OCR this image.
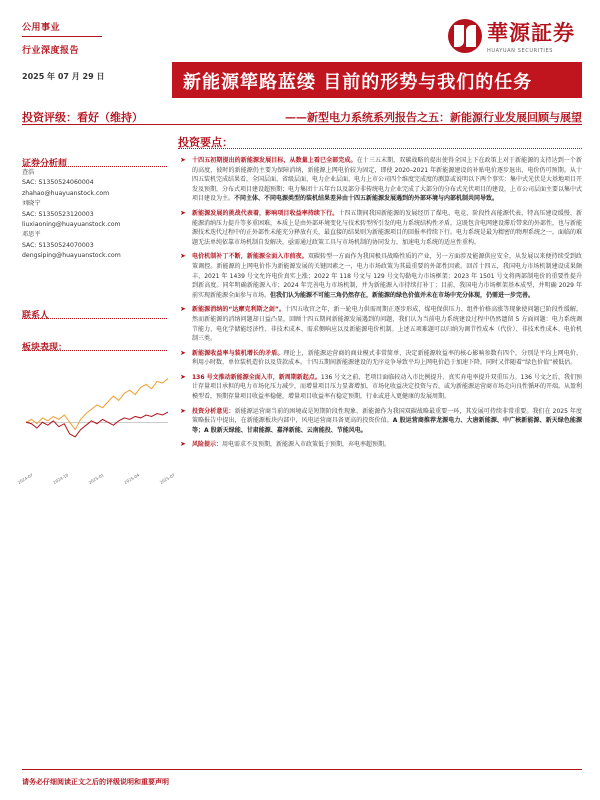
公用事业
行业深度报告
2025 年 07 月 29 日
華源証券
HUAYUAN SECURITIES
新能源筚路蓝缕 目前的形势与我们的任务
投资评级：看好（维持）	——新型电力系统系列报告之五：新能源行业发展回顾与展望
证券分析师
查浩
SAC: S1350524060004
zhahao@huayuanstock.com
刘晓宁
SAC: S1350523120003
liuxiaoning@huayuanstock.com
邓思平
SAC: S1350524070003
dengsiping@huayuanstock.com
联系人
板块表现：
2024-07	2024-10	2025-01	2025-04	2025-07
投资要点：
➤	十四五初期提出的新能源发展目标，从数量上看已全部完成。在十三五末期，双碳战略的提出使得全国上下在政策上对于新能源的支持达到一个新的高度，彼时的新能源仍主要为保障消纳，新能源上网电价较为固定，即使 2020–2021 年新能源建设的补贴电价逐步退出，电价仍可预期。从十四五装机完成结果看，全国层面、省级层面、电力企业层面、电力上市公司四个维度完成度的测算或说明以下两个事实：集中式光伏是大基地项目开发及预期，分布式项目建设超预期；电力集团十五年台以及部分非传统电力企业完成了大部分的分布式光伏项目的建设，上市公司层面主要以集中式项目建设为主。不同主体、不同电源类型的装机结果差异由十四五新能源发展遇到的外部环境与内部机制共同导致。
➤	新能源发展的挑战代表着，影响项目收益率持续下行。十四五期间我国新能源的发展经历了煤电、电竞、阶段性高能源代表、特高压建设缓慢、新能源消纳压力提升等多重困难，本质上是由外部环境变化与技术转型所引发的电力系统结构性矛盾，这既包含电网建设滞后带来的外部性，也与新能源技术迭代过程中的正外部性未能充分释放有关，最直接的结果则为新能源项目的回报率持续下行。电力系统是最为精密的物理系统之一，面临的难题无法单纯依靠市场机制自发解决，亟需通过政策工具与市场机制的协同发力，加速电力系统的适应性重构。
➤	电价机制补丁不断，新能源全面入市前夜。双碳转型一方面作为我国极具战略性质的产业，另一方面涉及能源供应安全，从发展以来便持续受到政策调控。新能源的上网电价作为新能源发展的关键因素之一，电力市场政策为其最重要的外部性因素。回首十四五，我国电力市场机制建设成果颇丰，2021 年 1439 号文允许电价真实上涨；2022 年 118 号文与 129 号文勾勒电力市场框架；2023 年 1501 号文将两部制电价的重要性提升到新高度。同年明确新能源入市；2024 年完善电力市场机制，并为新能源入市持续打补丁；目前，我国电力市场框架基本成型，并明确 2029 年前实现新能源全面参与市场。但我们认为能源不可能三角仍然存在，新能源的绿色价值并未在市场中充分体现，仍需进一步完善。
➤	新能源消纳的“达摩克利斯之剑”。十四五收官之年，新一轮电力供需周期正逐步形成，煤电保供压力、组件价格高涨等现象使问题已阶段性缓解，然而新能源的消纳问题却日益凸显，回顾十四五期间新能源发展遇到的问题，我们认为当前电力系统建设过程中仍然遗留 5 方面问题：电力系统调节能力、电化学储能经济性、非技术成本、需求侧响应以及新能源电价机制。上述五项难题可以归纳为调节性成本（代价）、非技术性成本、电价机制三类。
➤	新能源收益率与装机增长的矛盾。理论上，新能源运营商的商业模式非常简单，决定新能源收益率的核心影响参数有四个，分别是平均上网电价、利用小时数、单位装机造价以及贷款成本。十四五期间新能源建设的无序竞争导致平均上网电价趋于加速下降，同时又伴随着“绿色价值”被低估。
➤	136 号文推动新能源全面入市，新周期新起点。136 号文之前，老项目面临较动入市比例提升、真实弃电率提升双重压力。136 号文之后，我们预计存量项目承担的电力市场化压力减少，而增量项目压力显著增加，市场化收益决定投资与否，或为新能源运营商市场走向良性循环的开端。从盈利模型看，预期存量项目收益率稳健，增量项目收益率有稳定预期，行业或进入更健康的发展周期。
➤	投资分析意见：新能源运营商当前的困境或是短期阶段性现象，新能源作为我国双碳战略最重要一环，其发展可持续非常重要。我们在 2025 年度策略报告中提出，在新能源板块内部中，风电运营商具备更高的投资价值。A 股运营商推荐龙源电力、大唐新能源、中广核新能源、新天绿色能源等；A 股新天绿能、甘肃能源、嘉泽新能、云南能投、节能风电。
➤	风险提示：用电需求不及预期，新能源入市政策低于预期，弃电率超预期。
请务必仔细阅读正文之后的评级说明和重要声明
